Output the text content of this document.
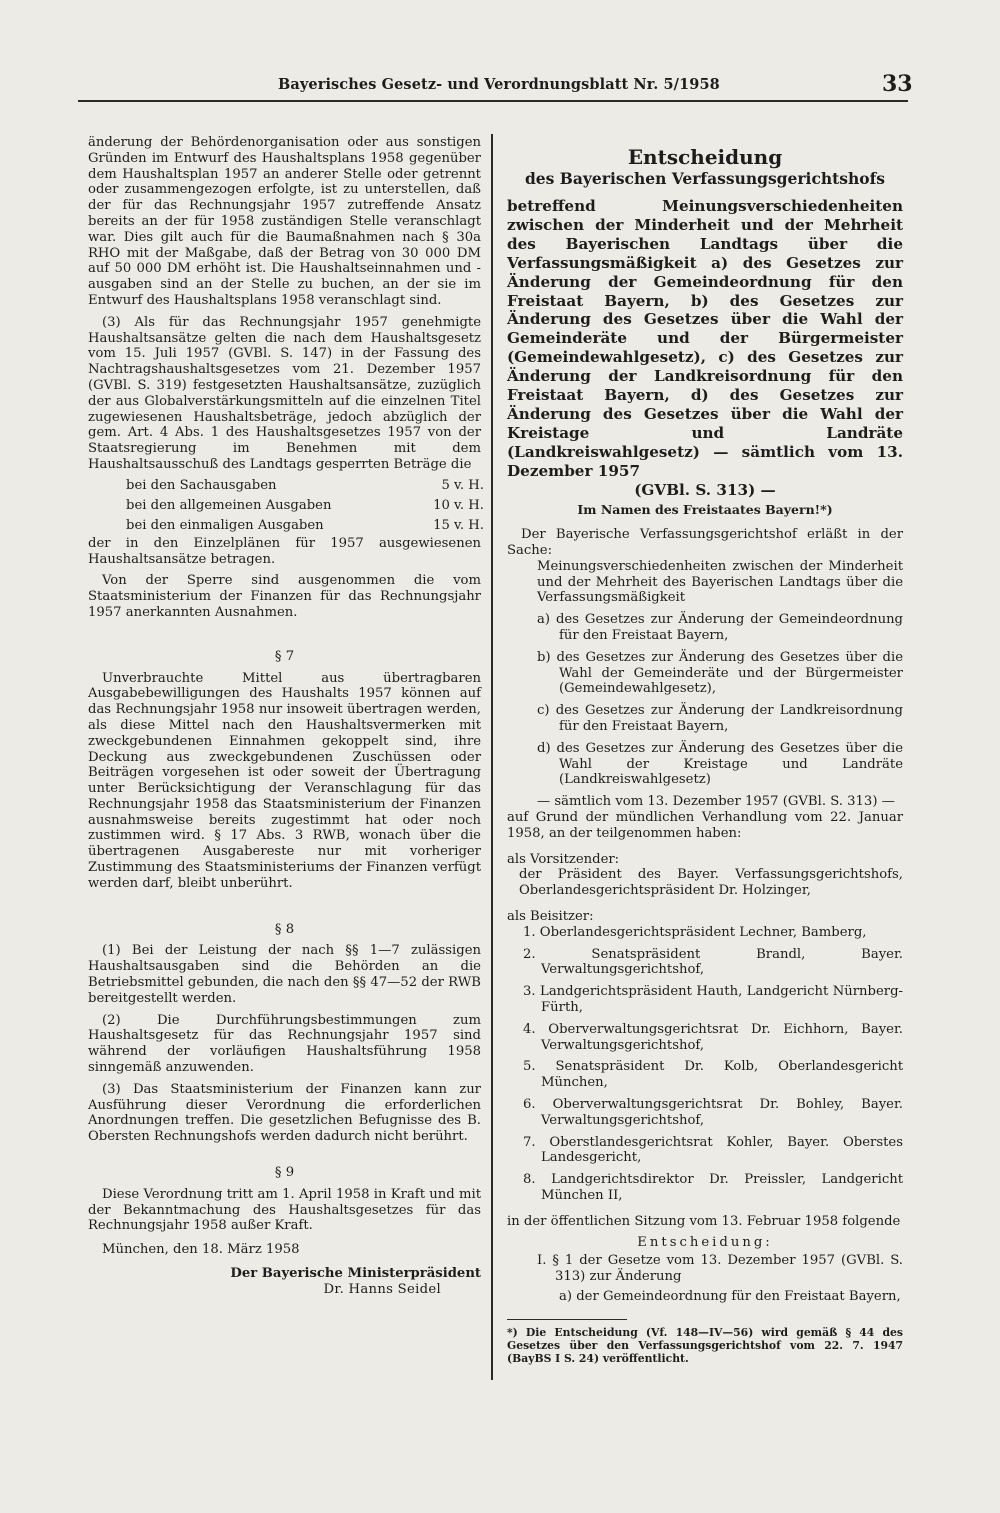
Bayerisches Gesetz- und Verordnungsblatt Nr. 5/1958	33

änderung der Behördenorganisation oder aus sonstigen Gründen im Entwurf des Haushaltsplans 1958 gegenüber dem Haushaltsplan 1957 an anderer Stelle oder getrennt oder zusammengezogen erfolgte, ist zu unterstellen, daß der für das Rechnungsjahr 1957 zutreffende Ansatz bereits an der für 1958 zuständigen Stelle veranschlagt war. Dies gilt auch für die Baumaßnahmen nach § 30a RHO mit der Maßgabe, daß der Betrag von 30 000 DM auf 50 000 DM erhöht ist. Die Haushaltseinnahmen und -ausgaben sind an der Stelle zu buchen, an der sie im Entwurf des Haushaltsplans 1958 veranschlagt sind.

(3) Als für das Rechnungsjahr 1957 genehmigte Haushaltsansätze gelten die nach dem Haushaltsgesetz vom 15. Juli 1957 (GVBl. S. 147) in der Fassung des Nachtragshaushaltsgesetzes vom 21. Dezember 1957 (GVBl. S. 319) festgesetzten Haushaltsansätze, zuzüglich der aus Globalverstärkungsmitteln auf die einzelnen Titel zugewiesenen Haushaltsbeträge, jedoch abzüglich der gem. Art. 4 Abs. 1 des Haushaltsgesetzes 1957 von der Staatsregierung im Benehmen mit dem Haushaltsausschuß des Landtags gesperrten Beträge die

bei den Sachausgaben	5 v. H.
bei den allgemeinen Ausgaben	10 v. H.
bei den einmaligen Ausgaben	15 v. H.

der in den Einzelplänen für 1957 ausgewiesenen Haushaltsansätze betragen.

Von der Sperre sind ausgenommen die vom Staatsministerium der Finanzen für das Rechnungsjahr 1957 anerkannten Ausnahmen.

§ 7

Unverbrauchte Mittel aus übertragbaren Ausgabebewilligungen des Haushalts 1957 können auf das Rechnungsjahr 1958 nur insoweit übertragen werden, als diese Mittel nach den Haushaltsvermerken mit zweckgebundenen Einnahmen gekoppelt sind, ihre Deckung aus zweckgebundenen Zuschüssen oder Beiträgen vorgesehen ist oder soweit der Übertragung unter Berücksichtigung der Veranschlagung für das Rechnungsjahr 1958 das Staatsministerium der Finanzen ausnahmsweise bereits zugestimmt hat oder noch zustimmen wird. § 17 Abs. 3 RWB, wonach über die übertragenen Ausgabereste nur mit vorheriger Zustimmung des Staatsministeriums der Finanzen verfügt werden darf, bleibt unberührt.

§ 8

(1) Bei der Leistung der nach §§ 1—7 zulässigen Haushaltsausgaben sind die Behörden an die Betriebsmittel gebunden, die nach den §§ 47—52 der RWB bereitgestellt werden.

(2) Die Durchführungsbestimmungen zum Haushaltsgesetz für das Rechnungsjahr 1957 sind während der vorläufigen Haushaltsführung 1958 sinngemäß anzuwenden.

(3) Das Staatsministerium der Finanzen kann zur Ausführung dieser Verordnung die erforderlichen Anordnungen treffen. Die gesetzlichen Befugnisse des B. Obersten Rechnungshofs werden dadurch nicht berührt.

§ 9

Diese Verordnung tritt am 1. April 1958 in Kraft und mit der Bekanntmachung des Haushaltsgesetzes für das Rechnungsjahr 1958 außer Kraft.

München, den 18. März 1958

Der Bayerische Ministerpräsident
Dr. Hanns Seidel
Entscheidung
des Bayerischen Verfassungsgerichtshofs

betreffend Meinungsverschiedenheiten zwischen der Minderheit und der Mehrheit des Bayerischen Landtags über die Verfassungsmäßigkeit a) des Gesetzes zur Änderung der Gemeindeordnung für den Freistaat Bayern, b) des Gesetzes zur Änderung des Gesetzes über die Wahl der Gemeinderäte und der Bürgermeister (Gemeindewahlgesetz), c) des Gesetzes zur Änderung der Landkreisordnung für den Freistaat Bayern, d) des Gesetzes zur Änderung des Gesetzes über die Wahl der Kreistage und Landräte (Landkreiswahlgesetz) — sämtlich vom 13. Dezember 1957

(GVBl. S. 313) —
Im Namen des Freistaates Bayern!*)

Der Bayerische Verfassungsgerichtshof erläßt in der Sache:

Meinungsverschiedenheiten zwischen der Minderheit und der Mehrheit des Bayerischen Landtags über die Verfassungsmäßigkeit

a) des Gesetzes zur Änderung der Gemeindeordnung für den Freistaat Bayern,

b) des Gesetzes zur Änderung des Gesetzes über die Wahl der Gemeinderäte und der Bürgermeister (Gemeindewahlgesetz),

c) des Gesetzes zur Änderung der Landkreisordnung für den Freistaat Bayern,

d) des Gesetzes zur Änderung des Gesetzes über die Wahl der Kreistage und Landräte (Landkreiswahlgesetz)

— sämtlich vom 13. Dezember 1957 (GVBl. S. 313) —

auf Grund der mündlichen Verhandlung vom 22. Januar 1958, an der teilgenommen haben:

als Vorsitzender:

der Präsident des Bayer. Verfassungsgerichtshofs, Oberlandesgerichtspräsident Dr. Holzinger,

als Beisitzer:

1. Oberlandesgerichtspräsident Lechner, Bamberg,

2. Senatspräsident Brandl, Bayer. Verwaltungsgerichtshof,

3. Landgerichtspräsident Hauth, Landgericht Nürnberg-Fürth,

4. Oberverwaltungsgerichtsrat Dr. Eichhorn, Bayer. Verwaltungsgerichtshof,

5. Senatspräsident Dr. Kolb, Oberlandesgericht München,

6. Oberverwaltungsgerichtsrat Dr. Bohley, Bayer. Verwaltungsgerichtshof,

7. Oberstlandesgerichtsrat Kohler, Bayer. Oberstes Landesgericht,

8. Landgerichtsdirektor Dr. Preissler, Landgericht München II,

in der öffentlichen Sitzung vom 13. Februar 1958 folgende

Entscheidung:

I. § 1 der Gesetze vom 13. Dezember 1957 (GVBl. S. 313) zur Änderung

a) der Gemeindeordnung für den Freistaat Bayern,

*) Die Entscheidung (Vf. 148—IV—56) wird gemäß § 44 des Gesetzes über den Verfassungsgerichtshof vom 22. 7. 1947 (BayBS I S. 24) veröffentlicht.
